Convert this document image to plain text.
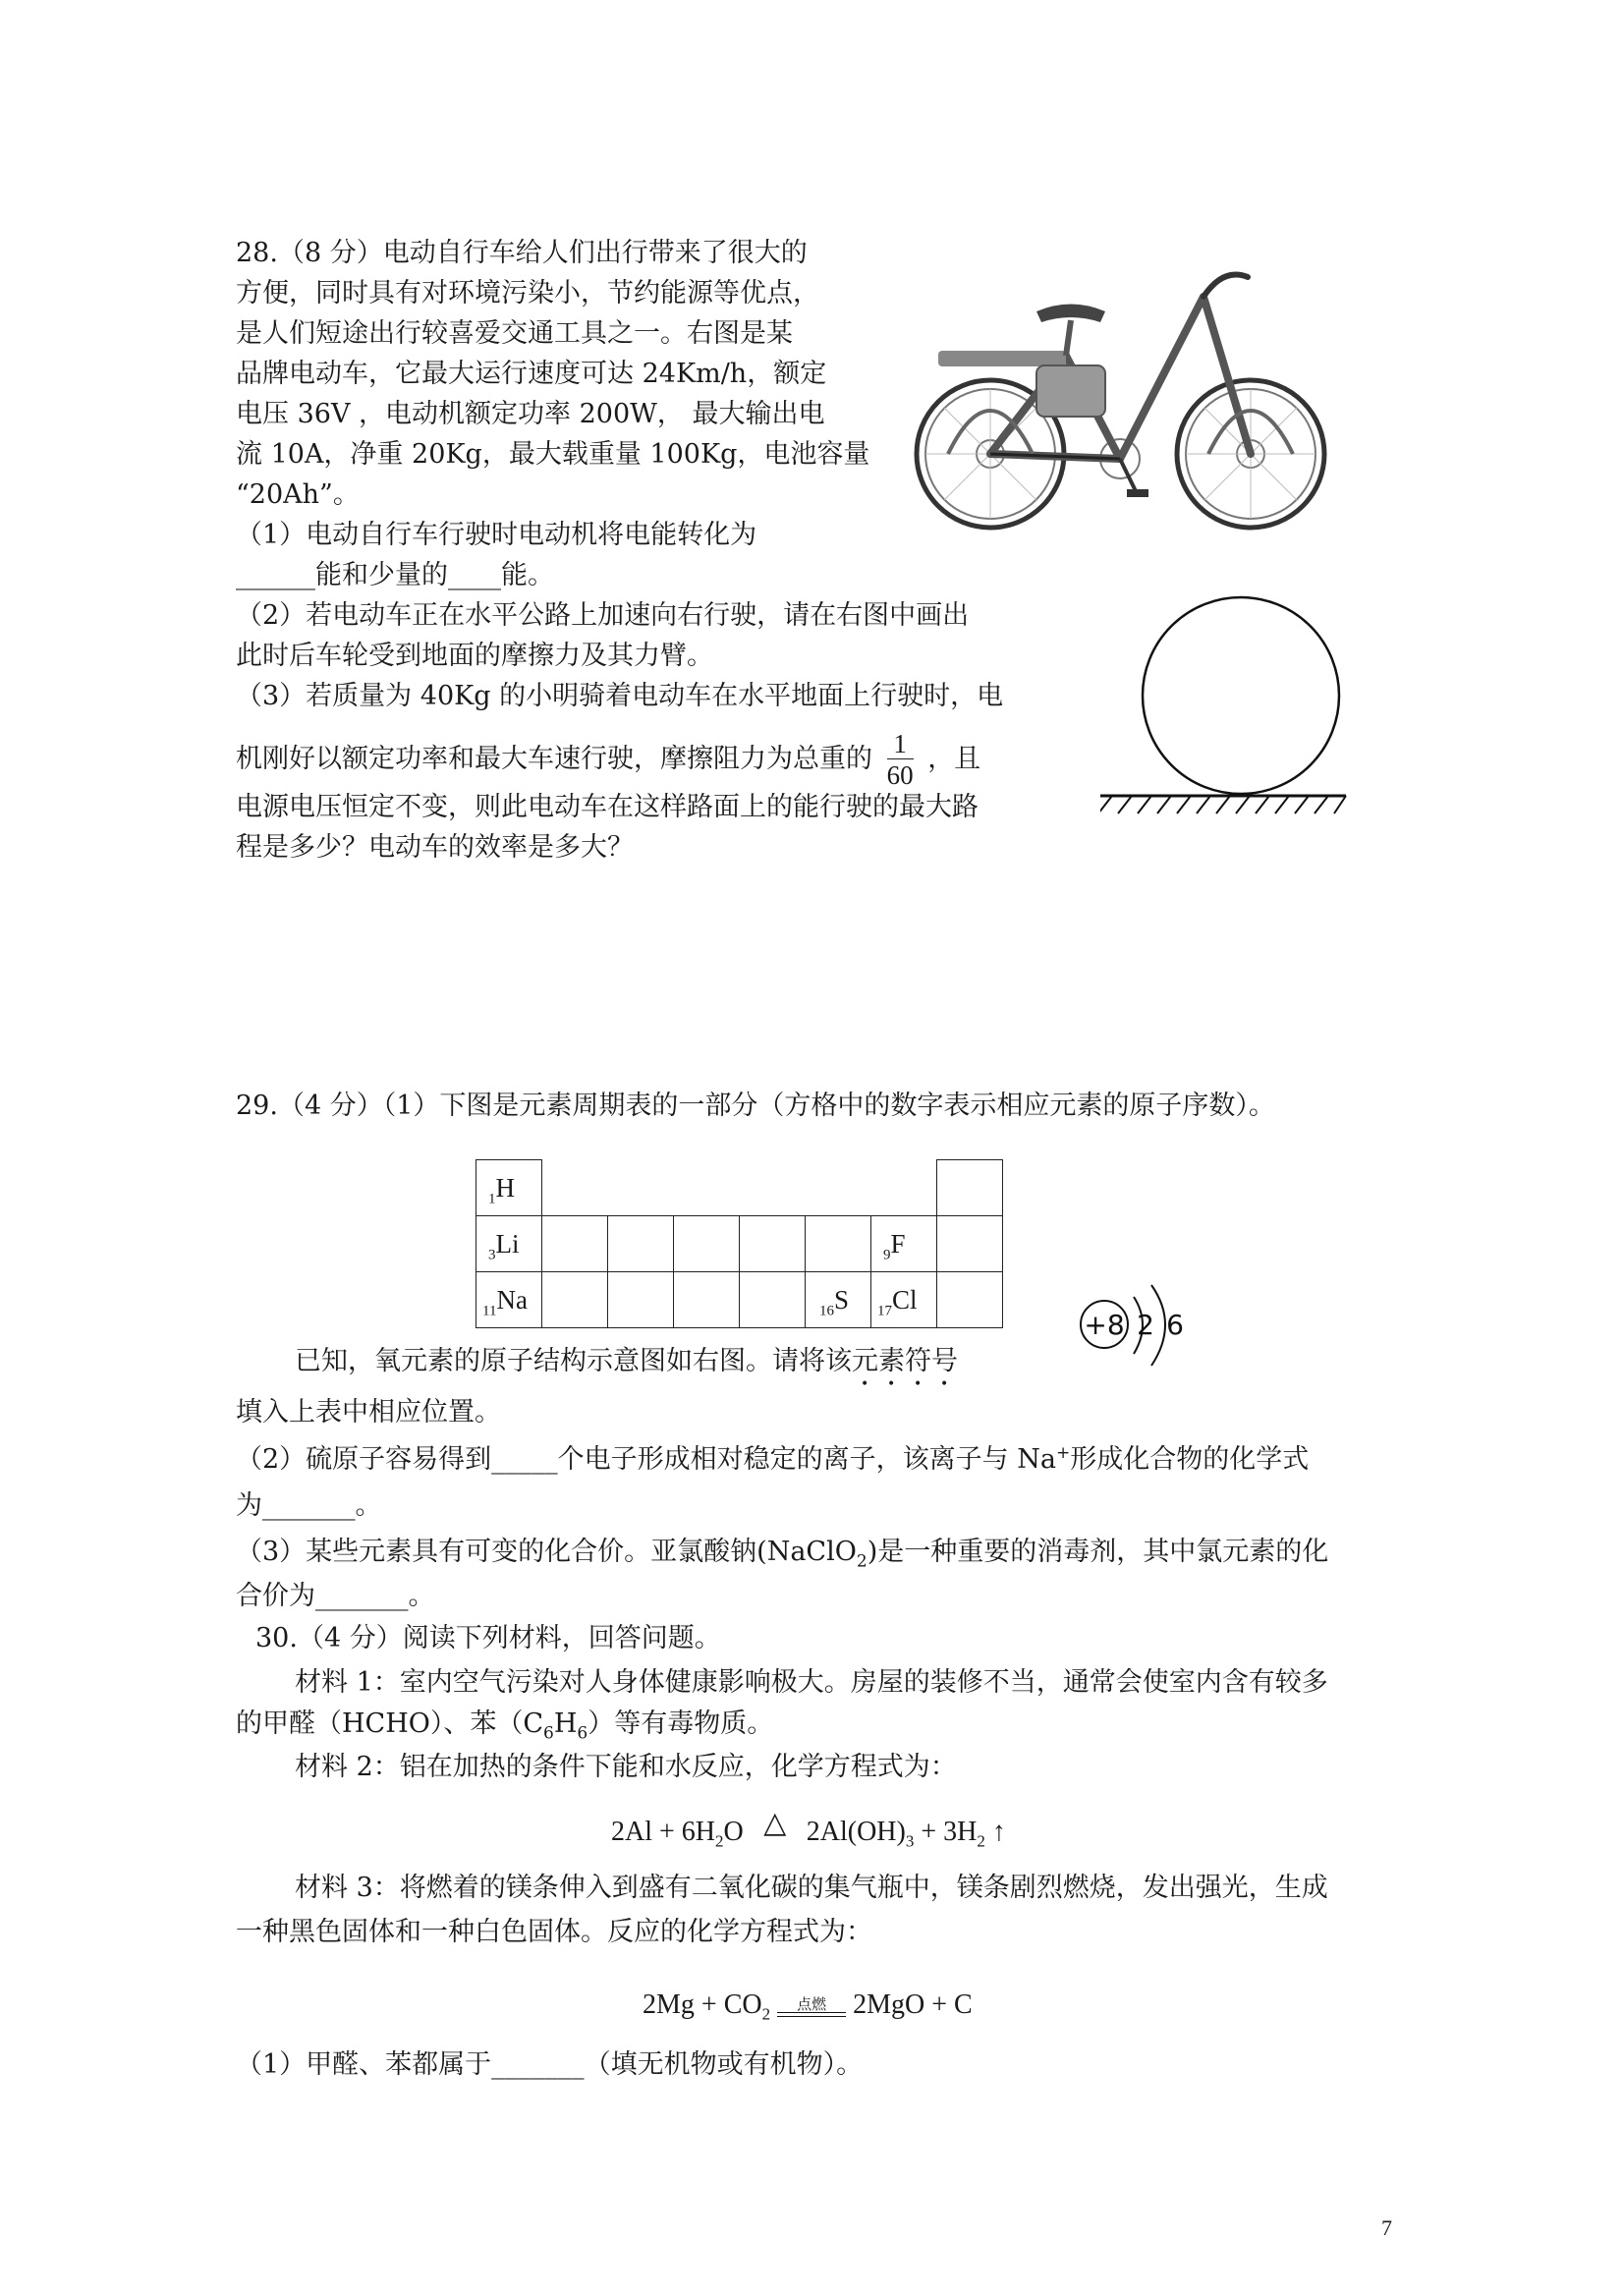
28.（8 分）电动自行车给人们出行带来了很大的
方便，同时具有对环境污染小，节约能源等优点，
是人们短途出行较喜爱交通工具之一。右图是某
品牌电动车，它最大运行速度可达 24Km/h，额定
电压 36V ，电动机额定功率 200W， 最大输出电
流 10A，净重 20Kg，最大载重量 100Kg，电池容量
“20Ah”。
（1）电动自行车行驶时电动机将电能转化为
______能和少量的____能。
（2）若电动车正在水平公路上加速向右行驶，请在右图中画出
此时后车轮受到地面的摩擦力及其力臂。
（3）若质量为 40Kg 的小明骑着电动车在水平地面上行驶时，电
机刚好以额定功率和最大车速行驶，摩擦阻力为总重的 $\frac{1}{60}$ ，且
电源电压恒定不变，则此电动车在这样路面上的能行驶的最大路
程是多少？电动车的效率是多大？
29.（4 分）（1）下图是元素周期表的一部分（方格中的数字表示相应元素的原子序数）。
$_1$H							
$_3$Li						$_9$F	
$_{11}$Na					$_{16}$S	$_{17}$Cl	
+8 2 6
已知，氧元素的原子结构示意图如右图。请将该元素符号
填入上表中相应位置。
（2）硫原子容易得到_____个电子形成相对稳定的离子，该离子与 Na+形成化合物的化学式
为_______。
（3）某些元素具有可变的化合价。亚氯酸钠(NaClO$_2$)是一种重要的消毒剂，其中氯元素的化
合价为_______。
30.（4 分）阅读下列材料，回答问题。
材料 1：室内空气污染对人身体健康影响极大。房屋的装修不当，通常会使室内含有较多
的甲醛（HCHO）、苯$(C_6H_6)$等有毒物质。
材料 2：铝在加热的条件下能和水反应，化学方程式为：
$2Al + 6H_2O$ △ $2Al(OH)_3 + 3H_2$ ↑
材料 3：将燃着的镁条伸入到盛有二氧化碳的集气瓶中，镁条剧烈燃烧，发出强光，生成
一种黑色固体和一种白色固体。反应的化学方程式为：
$2Mg + CO_2$
点燃 2MgO + C
（1）甲醛、苯都属于_______（填无机物或有机物）。
7
